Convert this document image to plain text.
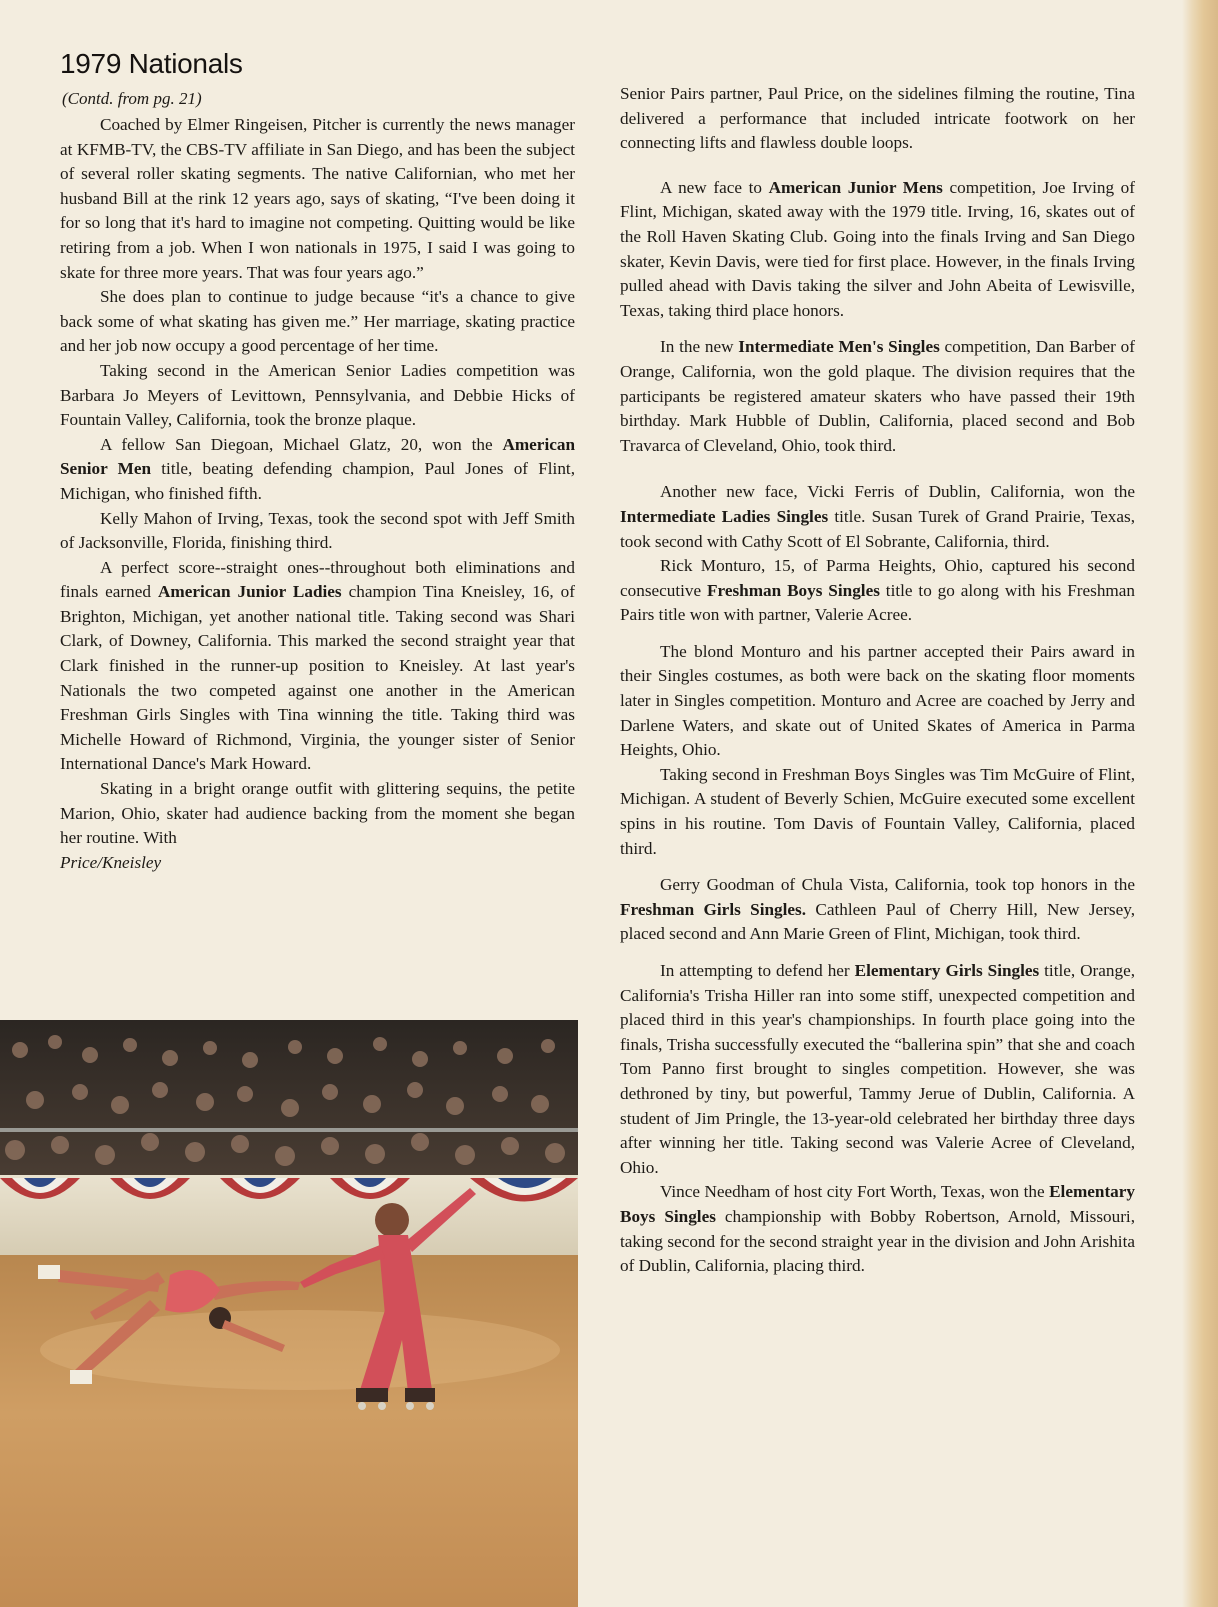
1979 Nationals
(Contd. from pg. 21)

Coached by Elmer Ringeisen, Pitcher is currently the news manager at KFMB-TV, the CBS-TV affiliate in San Diego, and has been the subject of several roller skating segments. The native Californian, who met her husband Bill at the rink 12 years ago, says of skating, “I've been doing it for so long that it's hard to imagine not competing. Quitting would be like retiring from a job. When I won nationals in 1975, I said I was going to skate for three more years. That was four years ago.”

She does plan to continue to judge because “it's a chance to give back some of what skating has given me.” Her marriage, skating practice and her job now occupy a good percentage of her time.

Taking second in the American Senior Ladies competition was Barbara Jo Meyers of Levittown, Pennsylvania, and Debbie Hicks of Fountain Valley, California, took the bronze plaque.

A fellow San Diegoan, Michael Glatz, 20, won the American Senior Men title, beating defending champion, Paul Jones of Flint, Michigan, who finished fifth.

Kelly Mahon of Irving, Texas, took the second spot with Jeff Smith of Jacksonville, Florida, finishing third.

A perfect score--straight ones--throughout both eliminations and finals earned American Junior Ladies champion Tina Kneisley, 16, of Brighton, Michigan, yet another national title. Taking second was Shari Clark, of Downey, California. This marked the second straight year that Clark finished in the runner-up position to Kneisley. At last year's Nationals the two competed against one another in the American Freshman Girls Singles with Tina winning the title. Taking third was Michelle Howard of Richmond, Virginia, the younger sister of Senior International Dance's Mark Howard.

Skating in a bright orange outfit with glittering sequins, the petite Marion, Ohio, skater had audience backing from the moment she began her routine. With

Price/Kneisley

Senior Pairs partner, Paul Price, on the sidelines filming the routine, Tina delivered a performance that included intricate footwork on her connecting lifts and flawless double loops.

A new face to American Junior Mens competition, Joe Irving of Flint, Michigan, skated away with the 1979 title. Irving, 16, skates out of the Roll Haven Skating Club. Going into the finals Irving and San Diego skater, Kevin Davis, were tied for first place. However, in the finals Irving pulled ahead with Davis taking the silver and John Abeita of Lewisville, Texas, taking third place honors.

In the new Intermediate Men's Singles competition, Dan Barber of Orange, California, won the gold plaque. The division requires that the participants be registered amateur skaters who have passed their 19th birthday. Mark Hubble of Dublin, California, placed second and Bob Travarca of Cleveland, Ohio, took third.

Another new face, Vicki Ferris of Dublin, California, won the Intermediate Ladies Singles title. Susan Turek of Grand Prairie, Texas, took second with Cathy Scott of El Sobrante, California, third.

Rick Monturo, 15, of Parma Heights, Ohio, captured his second consecutive Freshman Boys Singles title to go along with his Freshman Pairs title won with partner, Valerie Acree.

The blond Monturo and his partner accepted their Pairs award in their Singles costumes, as both were back on the skating floor moments later in Singles competition. Monturo and Acree are coached by Jerry and Darlene Waters, and skate out of United Skates of America in Parma Heights, Ohio.

Taking second in Freshman Boys Singles was Tim McGuire of Flint, Michigan. A student of Beverly Schien, McGuire executed some excellent spins in his routine. Tom Davis of Fountain Valley, California, placed third.

Gerry Goodman of Chula Vista, California, took top honors in the Freshman Girls Singles. Cathleen Paul of Cherry Hill, New Jersey, placed second and Ann Marie Green of Flint, Michigan, took third.

In attempting to defend her Elementary Girls Singles title, Orange, California's Trisha Hiller ran into some stiff, unexpected competition and placed third in this year's championships. In fourth place going into the finals, Trisha successfully executed the “ballerina spin” that she and coach Tom Panno first brought to singles competition. However, she was dethroned by tiny, but powerful, Tammy Jerue of Dublin, California. A student of Jim Pringle, the 13-year-old celebrated her birthday three days after winning her title. Taking second was Valerie Acree of Cleveland, Ohio.

Vince Needham of host city Fort Worth, Texas, won the Elementary Boys Singles championship with Bobby Robertson, Arnold, Missouri, taking second for the second straight year in the division and John Arishita of Dublin, California, placing third.
